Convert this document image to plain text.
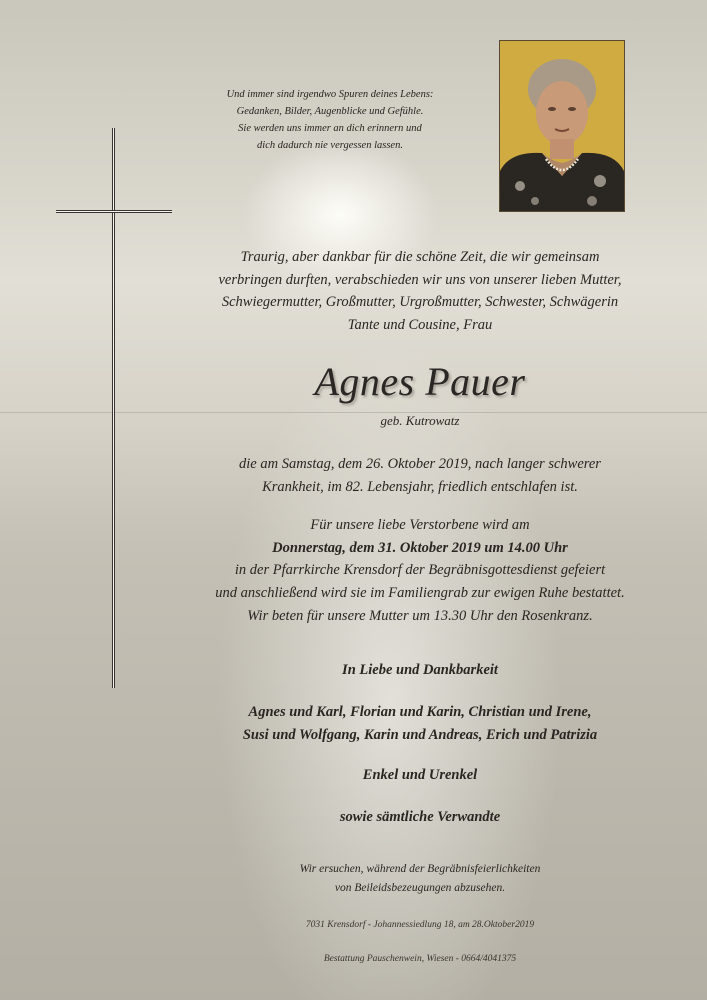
Und immer sind irgendwo Spuren deines Lebens:
Gedanken, Bilder, Augenblicke und Gefühle.
Sie werden uns immer an dich erinnern und
dich dadurch nie vergessen lassen.
Traurig, aber dankbar für die schöne Zeit, die wir gemeinsam
verbringen durften, verabschieden wir uns von unserer lieben Mutter,
Schwiegermutter, Großmutter, Urgroßmutter, Schwester, Schwägerin
Tante und Cousine, Frau
Agnes Pauer
geb. Kutrowatz
die am Samstag, dem 26. Oktober 2019, nach langer schwerer
Krankheit, im 82. Lebensjahr, friedlich entschlafen ist.
Für unsere liebe Verstorbene wird am
Donnerstag, dem 31. Oktober 2019 um 14.00 Uhr
in der Pfarrkirche Krensdorf der Begräbnisgottesdienst gefeiert
und anschließend wird sie im Familiengrab zur ewigen Ruhe bestattet.
Wir beten für unsere Mutter um 13.30 Uhr den Rosenkranz.
In Liebe und Dankbarkeit
Agnes und Karl, Florian und Karin, Christian und Irene,
Susi und Wolfgang, Karin und Andreas, Erich und Patrizia
Enkel und Urenkel
sowie sämtliche Verwandte
Wir ersuchen, während der Begräbnisfeierlichkeiten
von Beileidsbezeugungen abzusehen.
7031 Krensdorf - Johannessiedlung 18, am 28.Oktober2019
Bestattung Pauschenwein, Wiesen - 0664/4041375
